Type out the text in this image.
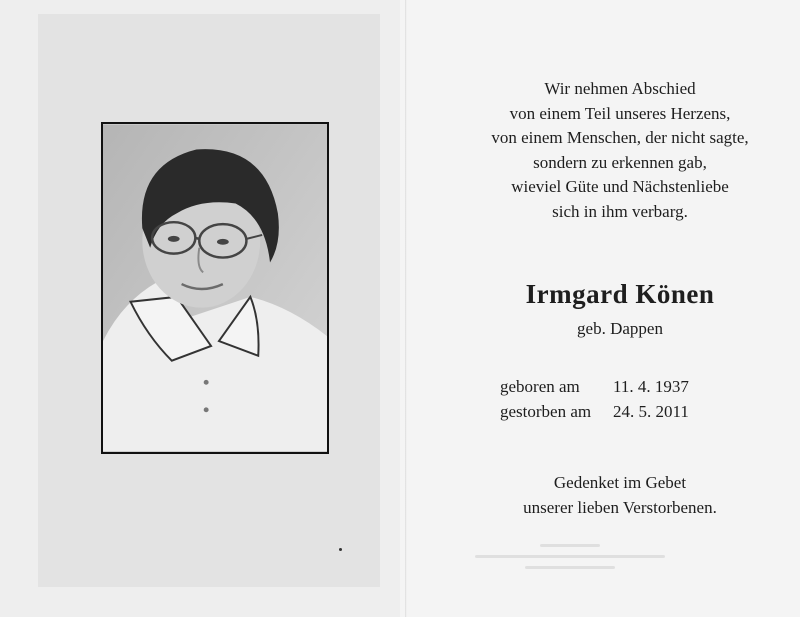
Wir nehmen Abschied
von einem Teil unseres Herzens,
von einem Menschen, der nicht sagte,
sondern zu erkennen gab,
wieviel Güte und Nächstenliebe
sich in ihm verbarg.
Irmgard Könen
geb. Dappen
geboren am 11. 4. 1937
gestorben am 24. 5. 2011
Gedenket im Gebet
unserer lieben Verstorbenen.
